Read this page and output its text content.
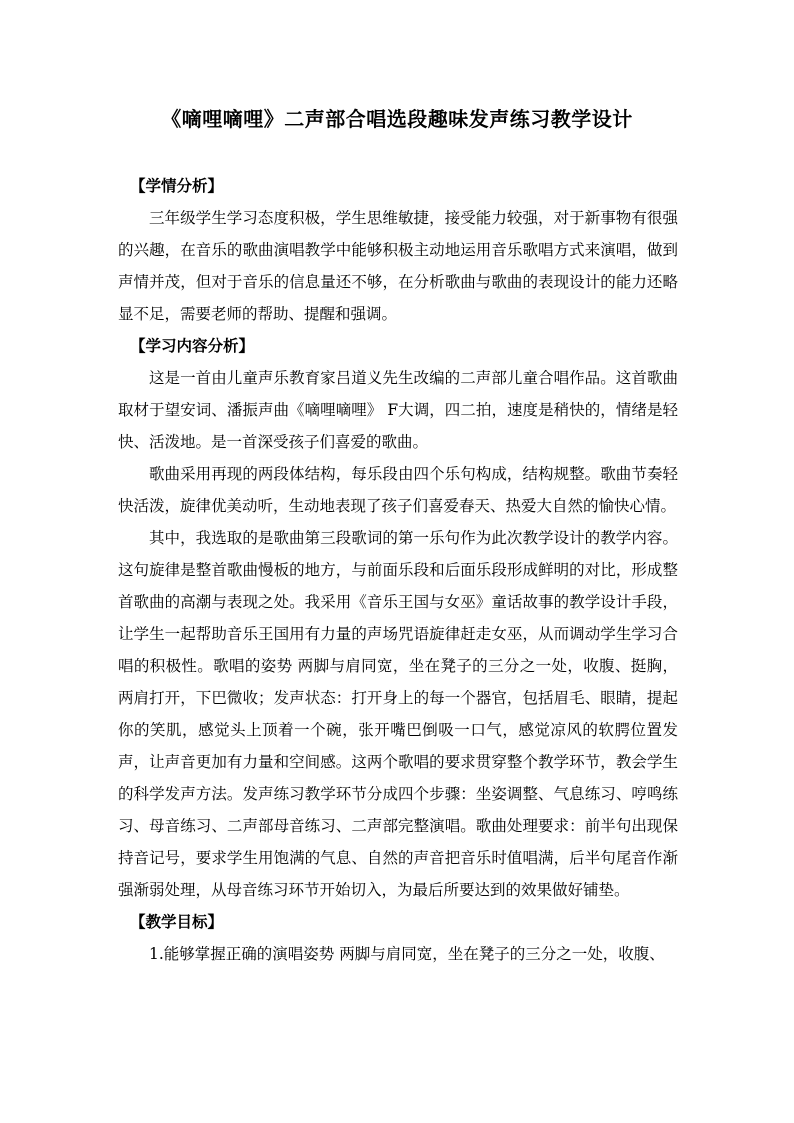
《嘀哩嘀哩》二声部合唱选段趣味发声练习教学设计

【学情分析】

三年级学生学习态度积极，学生思维敏捷，接受能力较强，对于新事物有很强的兴趣，在音乐的歌曲演唱教学中能够积极主动地运用音乐歌唱方式来演唱，做到声情并茂，但对于音乐的信息量还不够，在分析歌曲与歌曲的表现设计的能力还略显不足，需要老师的帮助、提醒和强调。

【学习内容分析】

这是一首由儿童声乐教育家吕道义先生改编的二声部儿童合唱作品。这首歌曲取材于望安词、潘振声曲《嘀哩嘀哩》 F大调，四二拍，速度是稍快的，情绪是轻快、活泼地。是一首深受孩子们喜爱的歌曲。

歌曲采用再现的两段体结构，每乐段由四个乐句构成，结构规整。歌曲节奏轻快活泼，旋律优美动听，生动地表现了孩子们喜爱春天、热爱大自然的愉快心情。

其中，我选取的是歌曲第三段歌词的第一乐句作为此次教学设计的教学内容。这句旋律是整首歌曲慢板的地方，与前面乐段和后面乐段形成鲜明的对比，形成整首歌曲的高潮与表现之处。我采用《音乐王国与女巫》童话故事的教学设计手段，让学生一起帮助音乐王国用有力量的声场咒语旋律赶走女巫，从而调动学生学习合唱的积极性。歌唱的姿势 两脚与肩同宽，坐在凳子的三分之一处，收腹、挺胸，两肩打开，下巴微收；发声状态：打开身上的每一个器官，包括眉毛、眼睛，提起你的笑肌，感觉头上顶着一个碗，张开嘴巴倒吸一口气，感觉凉风的软腭位置发声，让声音更加有力量和空间感。这两个歌唱的要求贯穿整个教学环节，教会学生的科学发声方法。发声练习教学环节分成四个步骤：坐姿调整、气息练习、哼鸣练习、母音练习、二声部母音练习、二声部完整演唱。歌曲处理要求：前半句出现保持音记号，要求学生用饱满的气息、自然的声音把音乐时值唱满，后半句尾音作渐强渐弱处理，从母音练习环节开始切入，为最后所要达到的效果做好铺垫。

【教学目标】

1.能够掌握正确的演唱姿势 两脚与肩同宽，坐在凳子的三分之一处，收腹、
